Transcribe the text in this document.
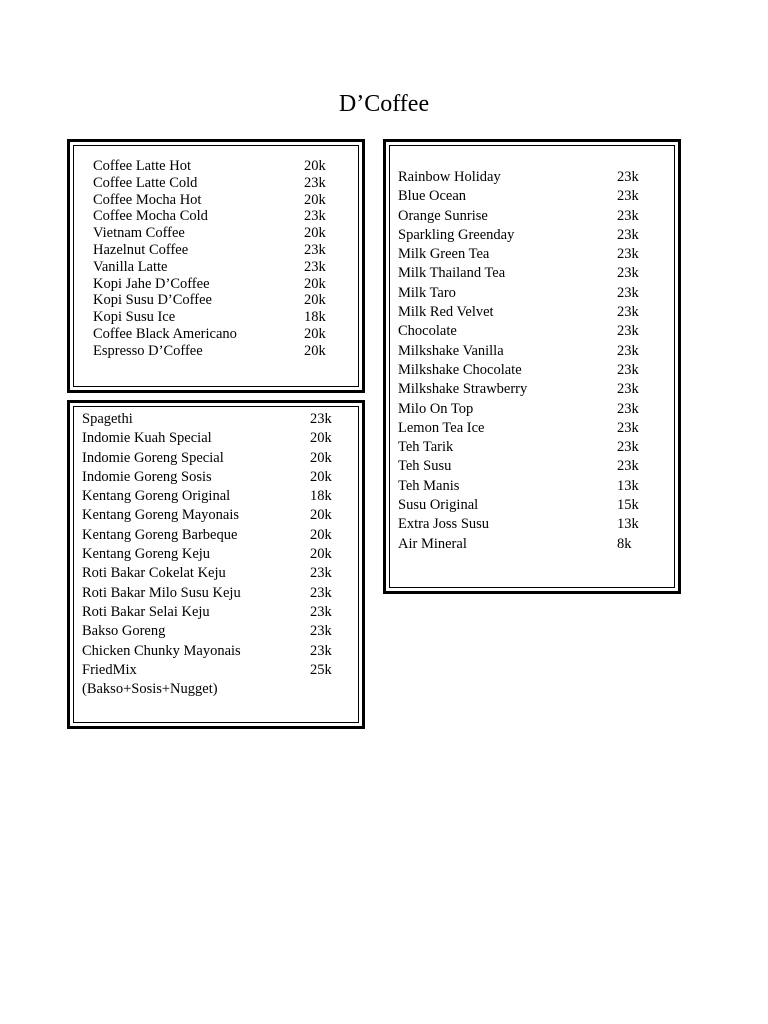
D’Coffee
Coffee Latte Hot	20k
Coffee Latte Cold	23k
Coffee Mocha Hot	20k
Coffee Mocha Cold	23k
Vietnam Coffee	20k
Hazelnut Coffee	23k
Vanilla Latte	23k
Kopi Jahe D’Coffee	20k
Kopi Susu D’Coffee	20k
Kopi Susu Ice	18k
Coffee Black Americano	20k
Espresso D’Coffee	20k
Spagethi	23k
Indomie Kuah Special	20k
Indomie Goreng Special	20k
Indomie Goreng Sosis	20k
Kentang Goreng Original	18k
Kentang Goreng Mayonais	20k
Kentang Goreng Barbeque	20k
Kentang Goreng Keju	20k
Roti Bakar Cokelat Keju	23k
Roti Bakar Milo Susu Keju	23k
Roti Bakar Selai Keju	23k
Bakso Goreng	23k
Chicken Chunky Mayonais	23k
FriedMix	25k
(Bakso+Sosis+Nugget)
Rainbow Holiday	23k
Blue Ocean	23k
Orange Sunrise	23k
Sparkling Greenday	23k
Milk Green Tea	23k
Milk Thailand Tea	23k
Milk Taro	23k
Milk Red Velvet	23k
Chocolate	23k
Milkshake Vanilla	23k
Milkshake Chocolate	23k
Milkshake Strawberry	23k
Milo On Top	23k
Lemon Tea Ice	23k
Teh Tarik	23k
Teh Susu	23k
Teh Manis	13k
Susu Original	15k
Extra Joss Susu	13k
Air Mineral	8k
